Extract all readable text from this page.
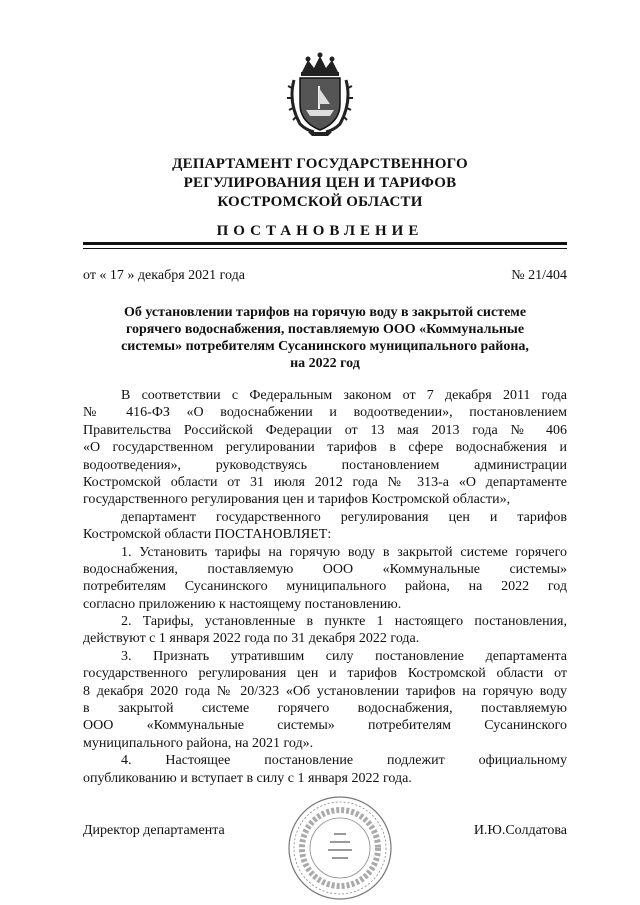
ДЕПАРТАМЕНТ ГОСУДАРСТВЕННОГО
РЕГУЛИРОВАНИЯ ЦЕН И ТАРИФОВ
КОСТРОМСКОЙ ОБЛАСТИ
ПОСТАНОВЛЕНИЕ
от « 17 » декабря 2021 года	№ 21/404
Об установлении тарифов на горячую воду в закрытой системе
горячего водоснабжения, поставляемую ООО «Коммунальные
системы» потребителям Сусанинского муниципального района,
на 2022 год
В соответствии с Федеральным законом от 7 декабря 2011 года
№ 416-ФЗ «О водоснабжении и водоотведении», постановлением
Правительства Российской Федерации от 13 мая 2013 года № 406
«О государственном регулировании тарифов в сфере водоснабжения и
водоотведения», руководствуясь постановлением администрации
Костромской области от 31 июля 2012 года № 313-а «О департаменте
государственного регулирования цен и тарифов Костромской области»,
департамент государственного регулирования цен и тарифов
Костромской области ПОСТАНОВЛЯЕТ:
1. Установить тарифы на горячую воду в закрытой системе горячего
водоснабжения, поставляемую ООО «Коммунальные системы»
потребителям Сусанинского муниципального района, на 2022 год
согласно приложению к настоящему постановлению.
2. Тарифы, установленные в пункте 1 настоящего постановления,
действуют с 1 января 2022 года по 31 декабря 2022 года.
3. Признать утратившим силу постановление департамента
государственного регулирования цен и тарифов Костромской области от
8 декабря 2020 года № 20/323 «Об установлении тарифов на горячую воду
в закрытой системе горячего водоснабжения, поставляемую
ООО «Коммунальные системы» потребителям Сусанинского
муниципального района, на 2021 год».
4. Настоящее постановление подлежит официальному
опубликованию и вступает в силу с 1 января 2022 года.
Директор департамента	И.Ю.Солдатова
